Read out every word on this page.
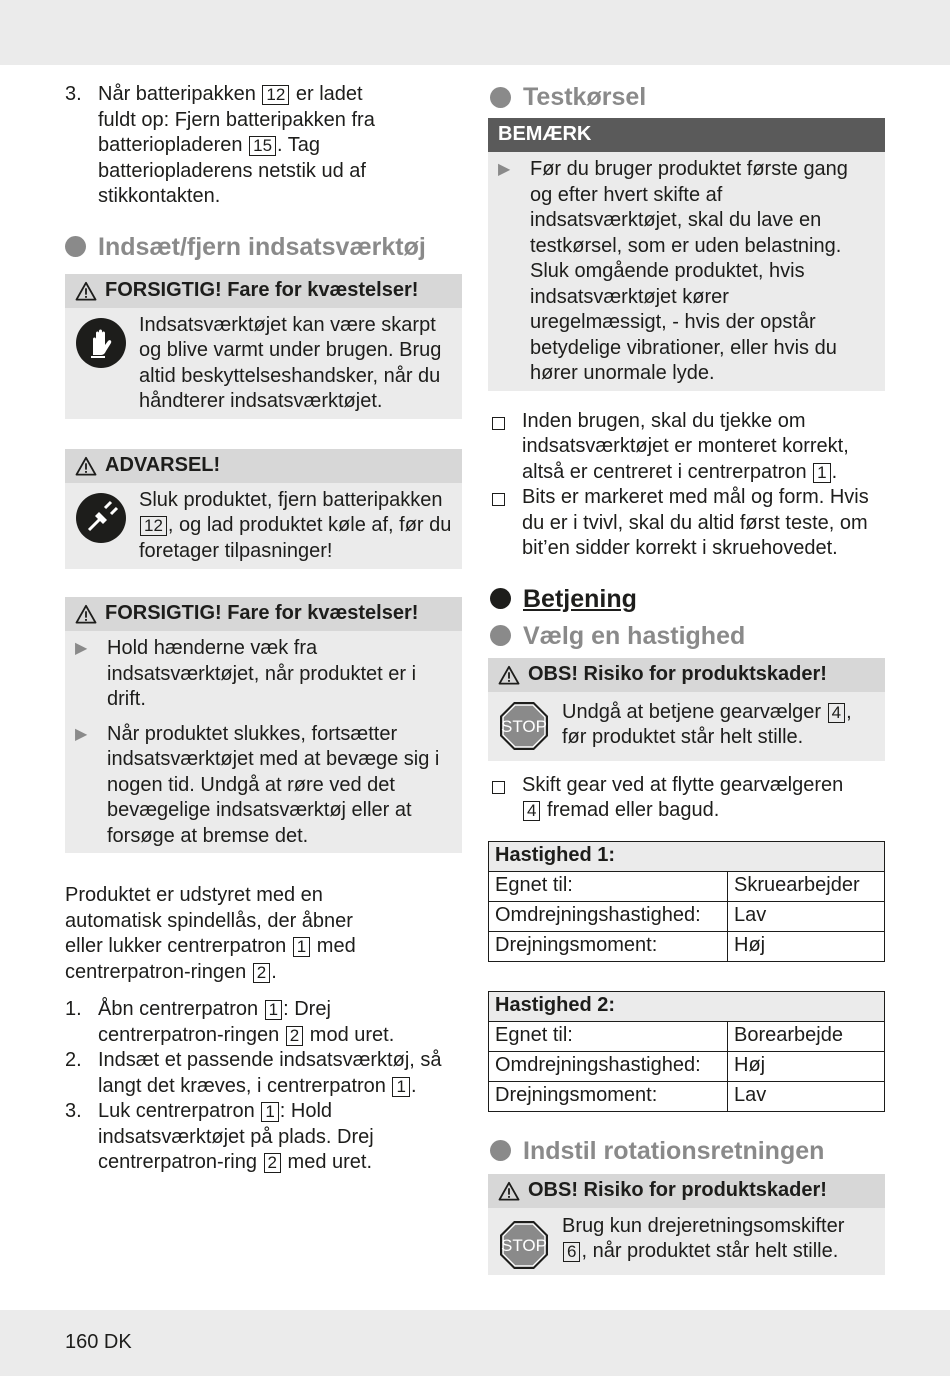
3. Når batteripakken 12 er ladet fuldt op: Fjern batteripakken fra batteriopladeren 15 . Tag batteriopladerens netstik ud af stikkontakten.
Indsæt/fjern indsatsværktøj
FORSIGTIG! Fare for kvæstelser!
Indsatsværktøjet kan være skarpt og blive varmt under brugen. Brug altid beskyttelseshandsker, når du håndterer indsatsværktøjet.
ADVARSEL!
Sluk produktet, fjern batteripakken 12 , og lad produktet køle af, før du foretager tilpasninger!
FORSIGTIG! Fare for kvæstelser!
▶ Hold hænderne væk fra indsatsværktøjet, når produktet er i drift.
▶ Når produktet slukkes, fortsætter indsatsværktøjet med at bevæge sig i nogen tid. Undgå at røre ved det bevægelige indsatsværktøj eller at forsøge at bremse det.
Produktet er udstyret med en automatisk spindellås, der åbner eller lukker centrerpatron 1 med centrerpatron-ringen 2 .
1. Åbn centrerpatron 1 : Drej centrerpatron-ringen 2 mod uret.
2. Indsæt et passende indsatsværktøj, så langt det kræves, i centrerpatron 1 .
3. Luk centrerpatron 1 : Hold indsatsværktøjet på plads. Drej centrerpatron-ring 2 med uret.
Testkørsel
BEMÆRK
▶ Før du bruger produktet første gang og efter hvert skifte af indsatsværktøjet, skal du lave en testkørsel, som er uden belastning. Sluk omgående produktet, hvis indsatsværktøjet kører uregelmæssigt, - hvis der opstår betydelige vibrationer, eller hvis du hører unormale lyde.
Inden brugen, skal du tjekke om indsatsværktøjet er monteret korrekt, altså er centreret i centrerpatron 1 .
Bits er markeret med mål og form. Hvis du er i tvivl, skal du altid først teste, om bit’en sidder korrekt i skruehovedet.
Betjening
Vælg en hastighed
OBS! Risiko for produktskader!
STOP
Undgå at betjene gearvælger 4 , før produktet står helt stille.
Skift gear ved at flytte gearvælgeren 4 fremad eller bagud.
Hastighed 1:	
Egnet til:	Skruearbejder
Omdrejningshastighed:	Lav
Drejningsmoment:	Høj
Hastighed 2:	
Egnet til:	Borearbejde
Omdrejningshastighed:	Høj
Drejningsmoment:	Lav
Indstil rotationsretningen
OBS! Risiko for produktskader!
STOP
Brug kun drejeretningsomskifter 6 , når produktet står helt stille.
160 DK
